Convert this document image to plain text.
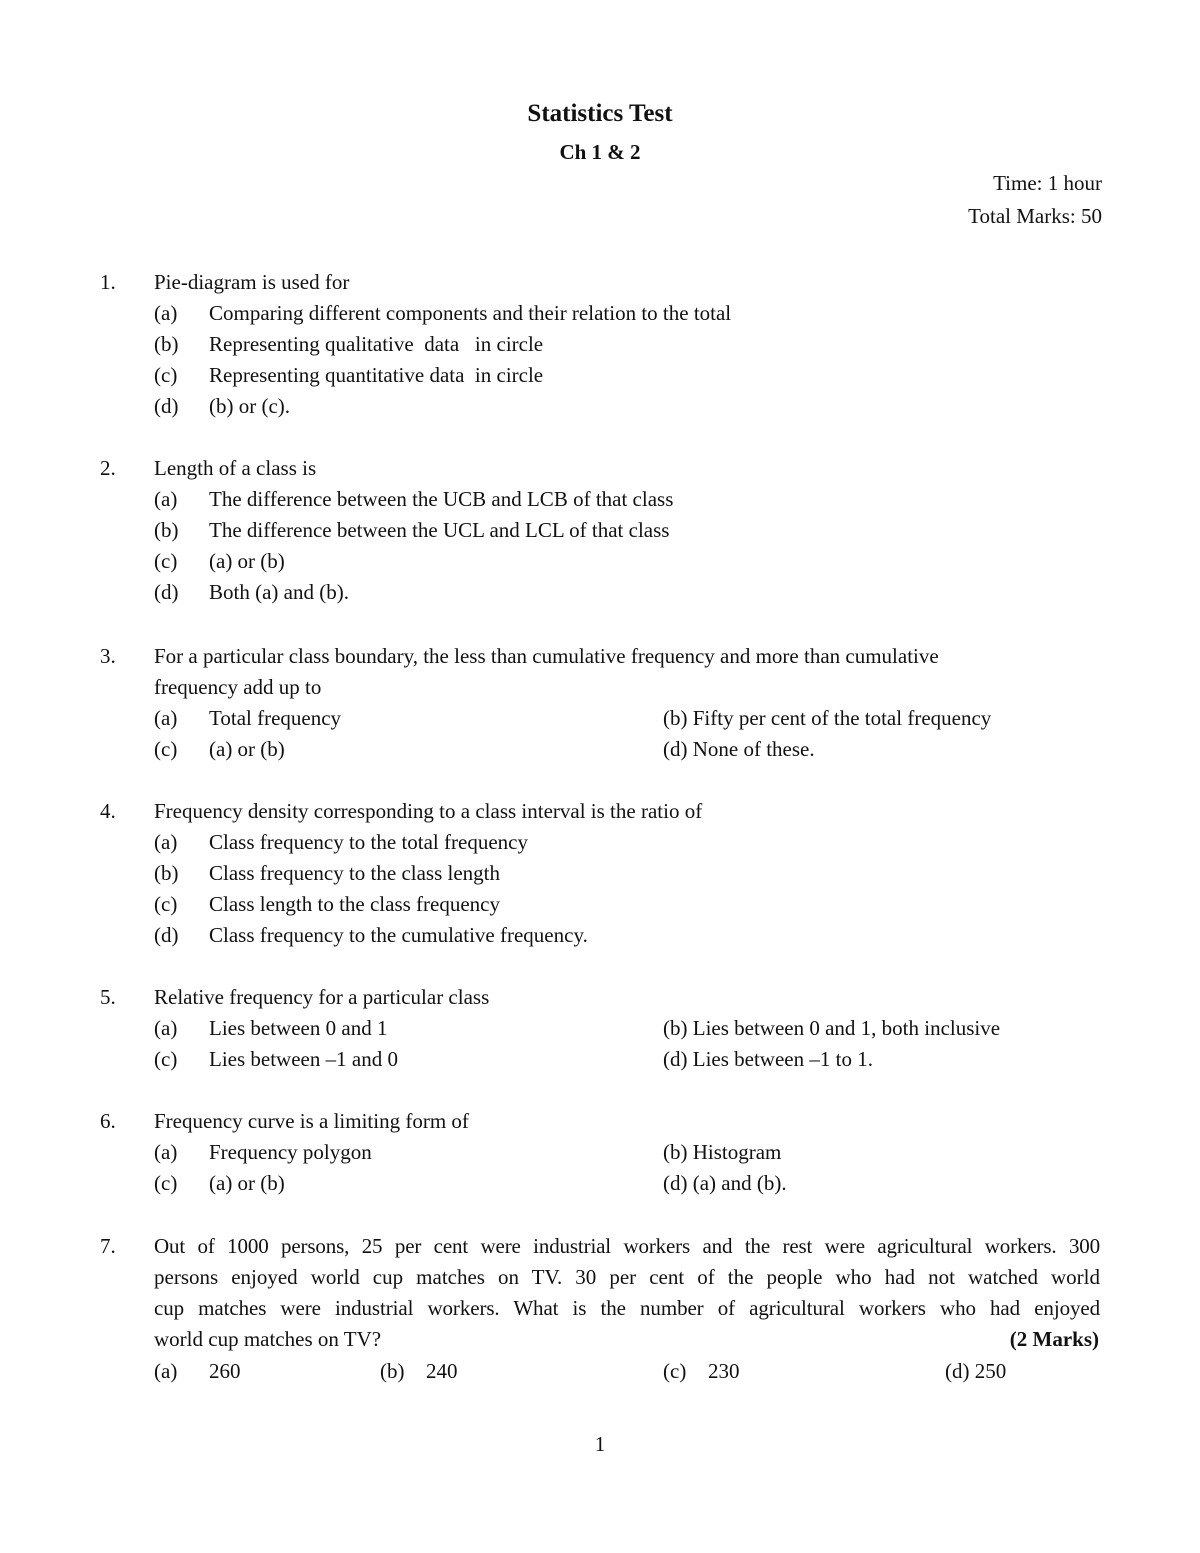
Statistics Test
Ch 1 & 2
Time: 1 hour
Total Marks: 50
1. Pie-diagram is used for
(a) Comparing different components and their relation to the total
(b) Representing qualitative  data   in circle
(c) Representing quantitative data  in circle
(d) (b) or (c).
2. Length of a class is
(a) The difference between the UCB and LCB of that class
(b) The difference between the UCL and LCL of that class
(c) (a) or (b)
(d) Both (a) and (b).
3. For a particular class boundary, the less than cumulative frequency and more than cumulative
frequency add up to
(a) Total frequency	(b) Fifty per cent of the total frequency
(c) (a) or (b)	(d) None of these.
4. Frequency density corresponding to a class interval is the ratio of
(a) Class frequency to the total frequency
(b) Class frequency to the class length
(c) Class length to the class frequency
(d) Class frequency to the cumulative frequency.
5. Relative frequency for a particular class
(a) Lies between 0 and 1	(b) Lies between 0 and 1, both inclusive
(c) Lies between –1 and 0	(d) Lies between –1 to 1.
6. Frequency curve is a limiting form of
(a) Frequency polygon	(b) Histogram
(c) (a) or (b)	(d) (a) and (b).
7. Out of 1000 persons, 25 per cent were industrial workers and the rest were agricultural workers. 300
persons enjoyed world cup matches on TV. 30 per cent of the people who had not watched world
cup matches were industrial workers. What is the number of agricultural workers who had enjoyed
world cup matches on TV?	(2 Marks)
(a) 260	(b) 240	(c) 230	(d) 250
1
